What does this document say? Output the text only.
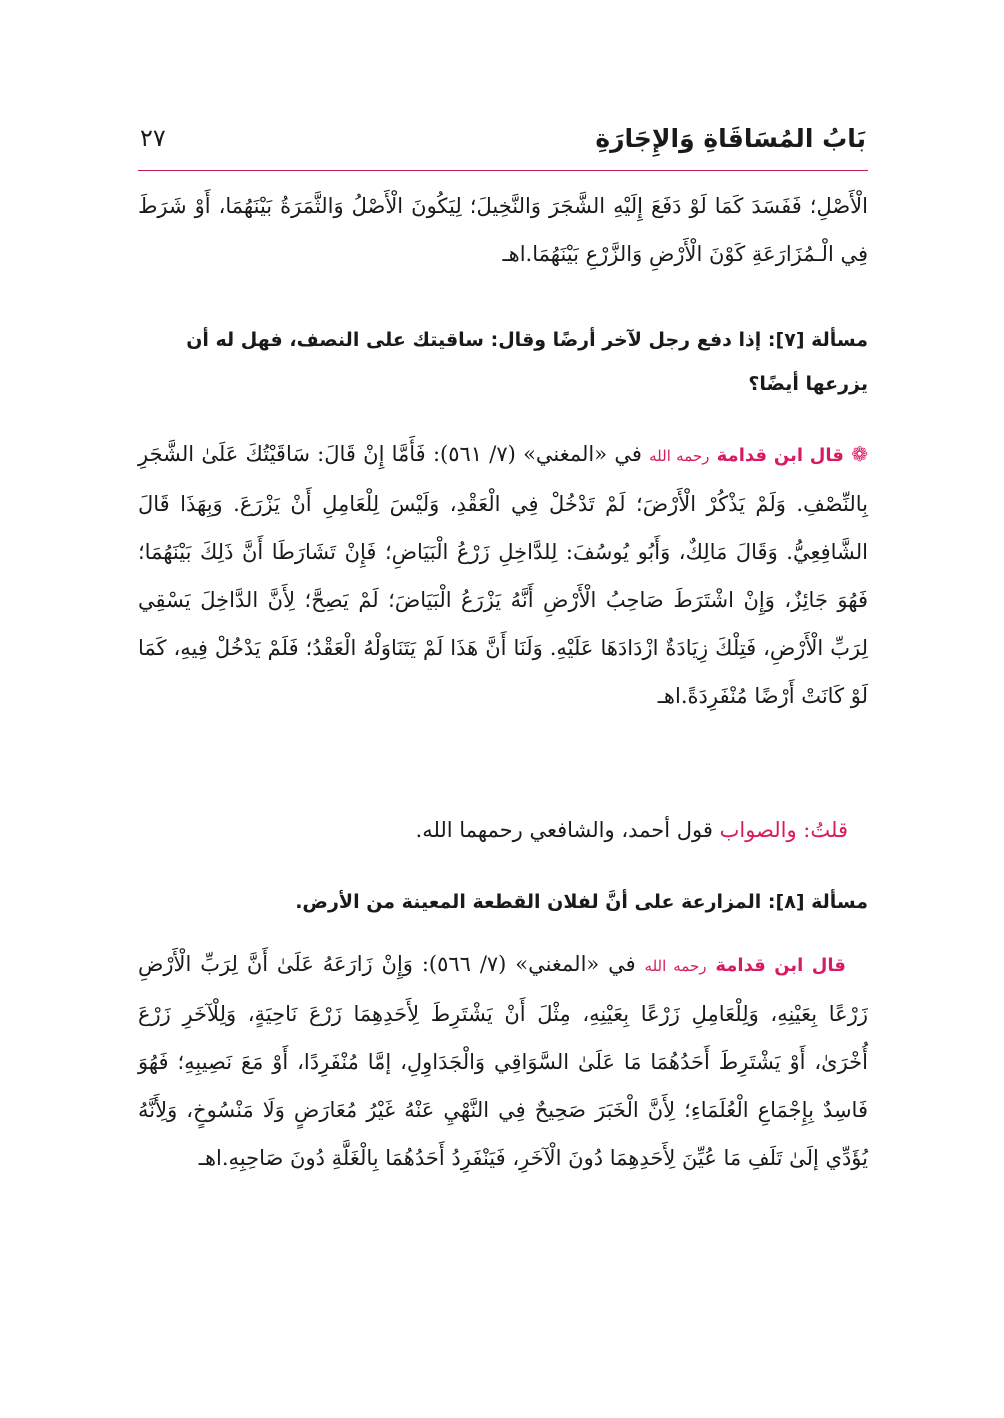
بَابُ المُسَاقَاةِ وَالإِجَارَةِ
٢٧
الْأَصْلِ؛ فَفَسَدَ كَمَا لَوْ دَفَعَ إِلَيْهِ الشَّجَرَ وَالنَّخِيلَ؛ لِيَكُونَ الْأَصْلُ وَالثَّمَرَةُ بَيْنَهُمَا، أَوْ شَرَطَ فِي الْـمُزَارَعَةِ كَوْنَ الْأَرْضِ وَالزَّرْعِ بَيْنَهُمَا.اهـ
مسألة [٧]: إذا دفع رجل لآخر أرضًا وقال: ساقيتك على النصف، فهل له أن يزرعها أيضًا؟
❁ قال ابن قدامة رحمه الله في «المغني» (٧/ ٥٦١): فَأَمَّا إِنْ قَالَ: سَاقَيْتُكَ عَلَىٰ الشَّجَرِ بِالنِّصْفِ. وَلَمْ يَذْكُرْ الْأَرْضَ؛ لَمْ تَدْخُلْ فِي الْعَقْدِ، وَلَيْسَ لِلْعَامِلِ أَنْ يَزْرَعَ. وَبِهَذَا قَالَ الشَّافِعِيُّ. وَقَالَ مَالِكٌ، وَأَبُو يُوسُفَ: لِلدَّاخِلِ زَرْعُ الْبَيَاضِ؛ فَإِنْ تَشَارَطَا أَنَّ ذَلِكَ بَيْنَهُمَا؛ فَهُوَ جَائِزٌ، وَإِنْ اشْتَرَطَ صَاحِبُ الْأَرْضِ أَنَّهُ يَزْرَعُ الْبَيَاضَ؛ لَمْ يَصِحَّ؛ لِأَنَّ الدَّاخِلَ يَسْقِي لِرَبِّ الْأَرْضِ، فَتِلْكَ زِيَادَةٌ ازْدَادَهَا عَلَيْهِ. وَلَنَا أَنَّ هَذَا لَمْ يَتَنَاوَلْهُ الْعَقْدُ؛ فَلَمْ يَدْخُلْ فِيهِ، كَمَا لَوْ كَانَتْ أَرْضًا مُنْفَرِدَةً.اهـ
قلتُ: والصواب قول أحمد، والشافعي رحمهما الله.
مسألة [٨]: المزارعة على أنَّ لفلان القطعة المعينة من الأرض.
قال ابن قدامة رحمه الله في «المغني» (٧/ ٥٦٦): وَإِنْ زَارَعَهُ عَلَىٰ أَنَّ لِرَبِّ الْأَرْضِ زَرْعًا بِعَيْنِهِ، وَلِلْعَامِلِ زَرْعًا بِعَيْنِهِ، مِثْلَ أَنْ يَشْتَرِطَ لِأَحَدِهِمَا زَرْعَ نَاحِيَةٍ، وَلِلْآخَرِ زَرْعَ أُخْرَىٰ، أَوْ يَشْتَرِطَ أَحَدُهُمَا مَا عَلَىٰ السَّوَاقِي وَالْجَدَاوِلِ، إمَّا مُنْفَرِدًا، أَوْ مَعَ نَصِيبِهِ؛ فَهُوَ فَاسِدٌ بِإِجْمَاعِ الْعُلَمَاءِ؛ لِأَنَّ الْخَبَرَ صَحِيحٌ فِي النَّهْيِ عَنْهُ غَيْرُ مُعَارَضٍ وَلَا مَنْسُوخٍ، وَلِأَنَّهُ يُؤَدِّي إلَىٰ تَلَفِ مَا عُيِّنَ لِأَحَدِهِمَا دُونَ الْآخَرِ، فَيَنْفَرِدُ أَحَدُهُمَا بِالْغَلَّةِ دُونَ صَاحِبِهِ.اهـ
